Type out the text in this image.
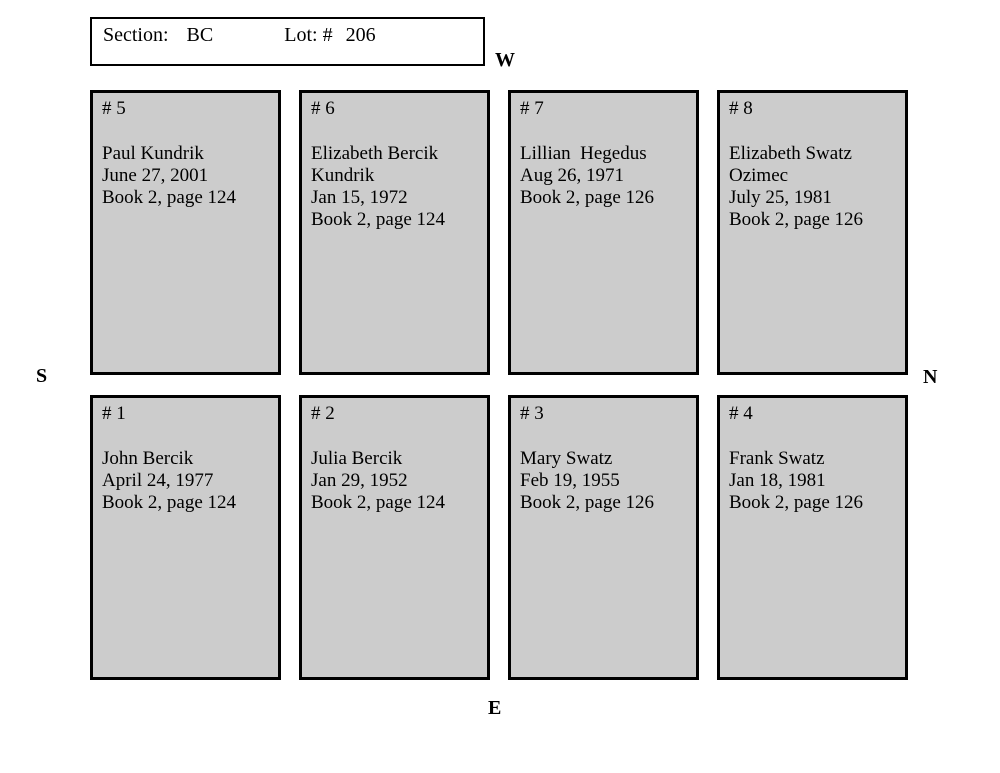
Section: BC	Lot: # 206
W
S	N
E
# 5
Paul Kundrik
June 27, 2001
Book 2, page 124
# 6
Elizabeth Bercik
Kundrik
Jan 15, 1972
Book 2, page 124
# 7
Lillian  Hegedus
Aug 26, 1971
Book 2, page 126
# 8
Elizabeth Swatz
Ozimec
July 25, 1981
Book 2, page 126
# 1
John Bercik
April 24, 1977
Book 2, page 124
# 2
Julia Bercik
Jan 29, 1952
Book 2, page 124
# 3
Mary Swatz
Feb 19, 1955
Book 2, page 126
# 4
Frank Swatz
Jan 18, 1981
Book 2, page 126
